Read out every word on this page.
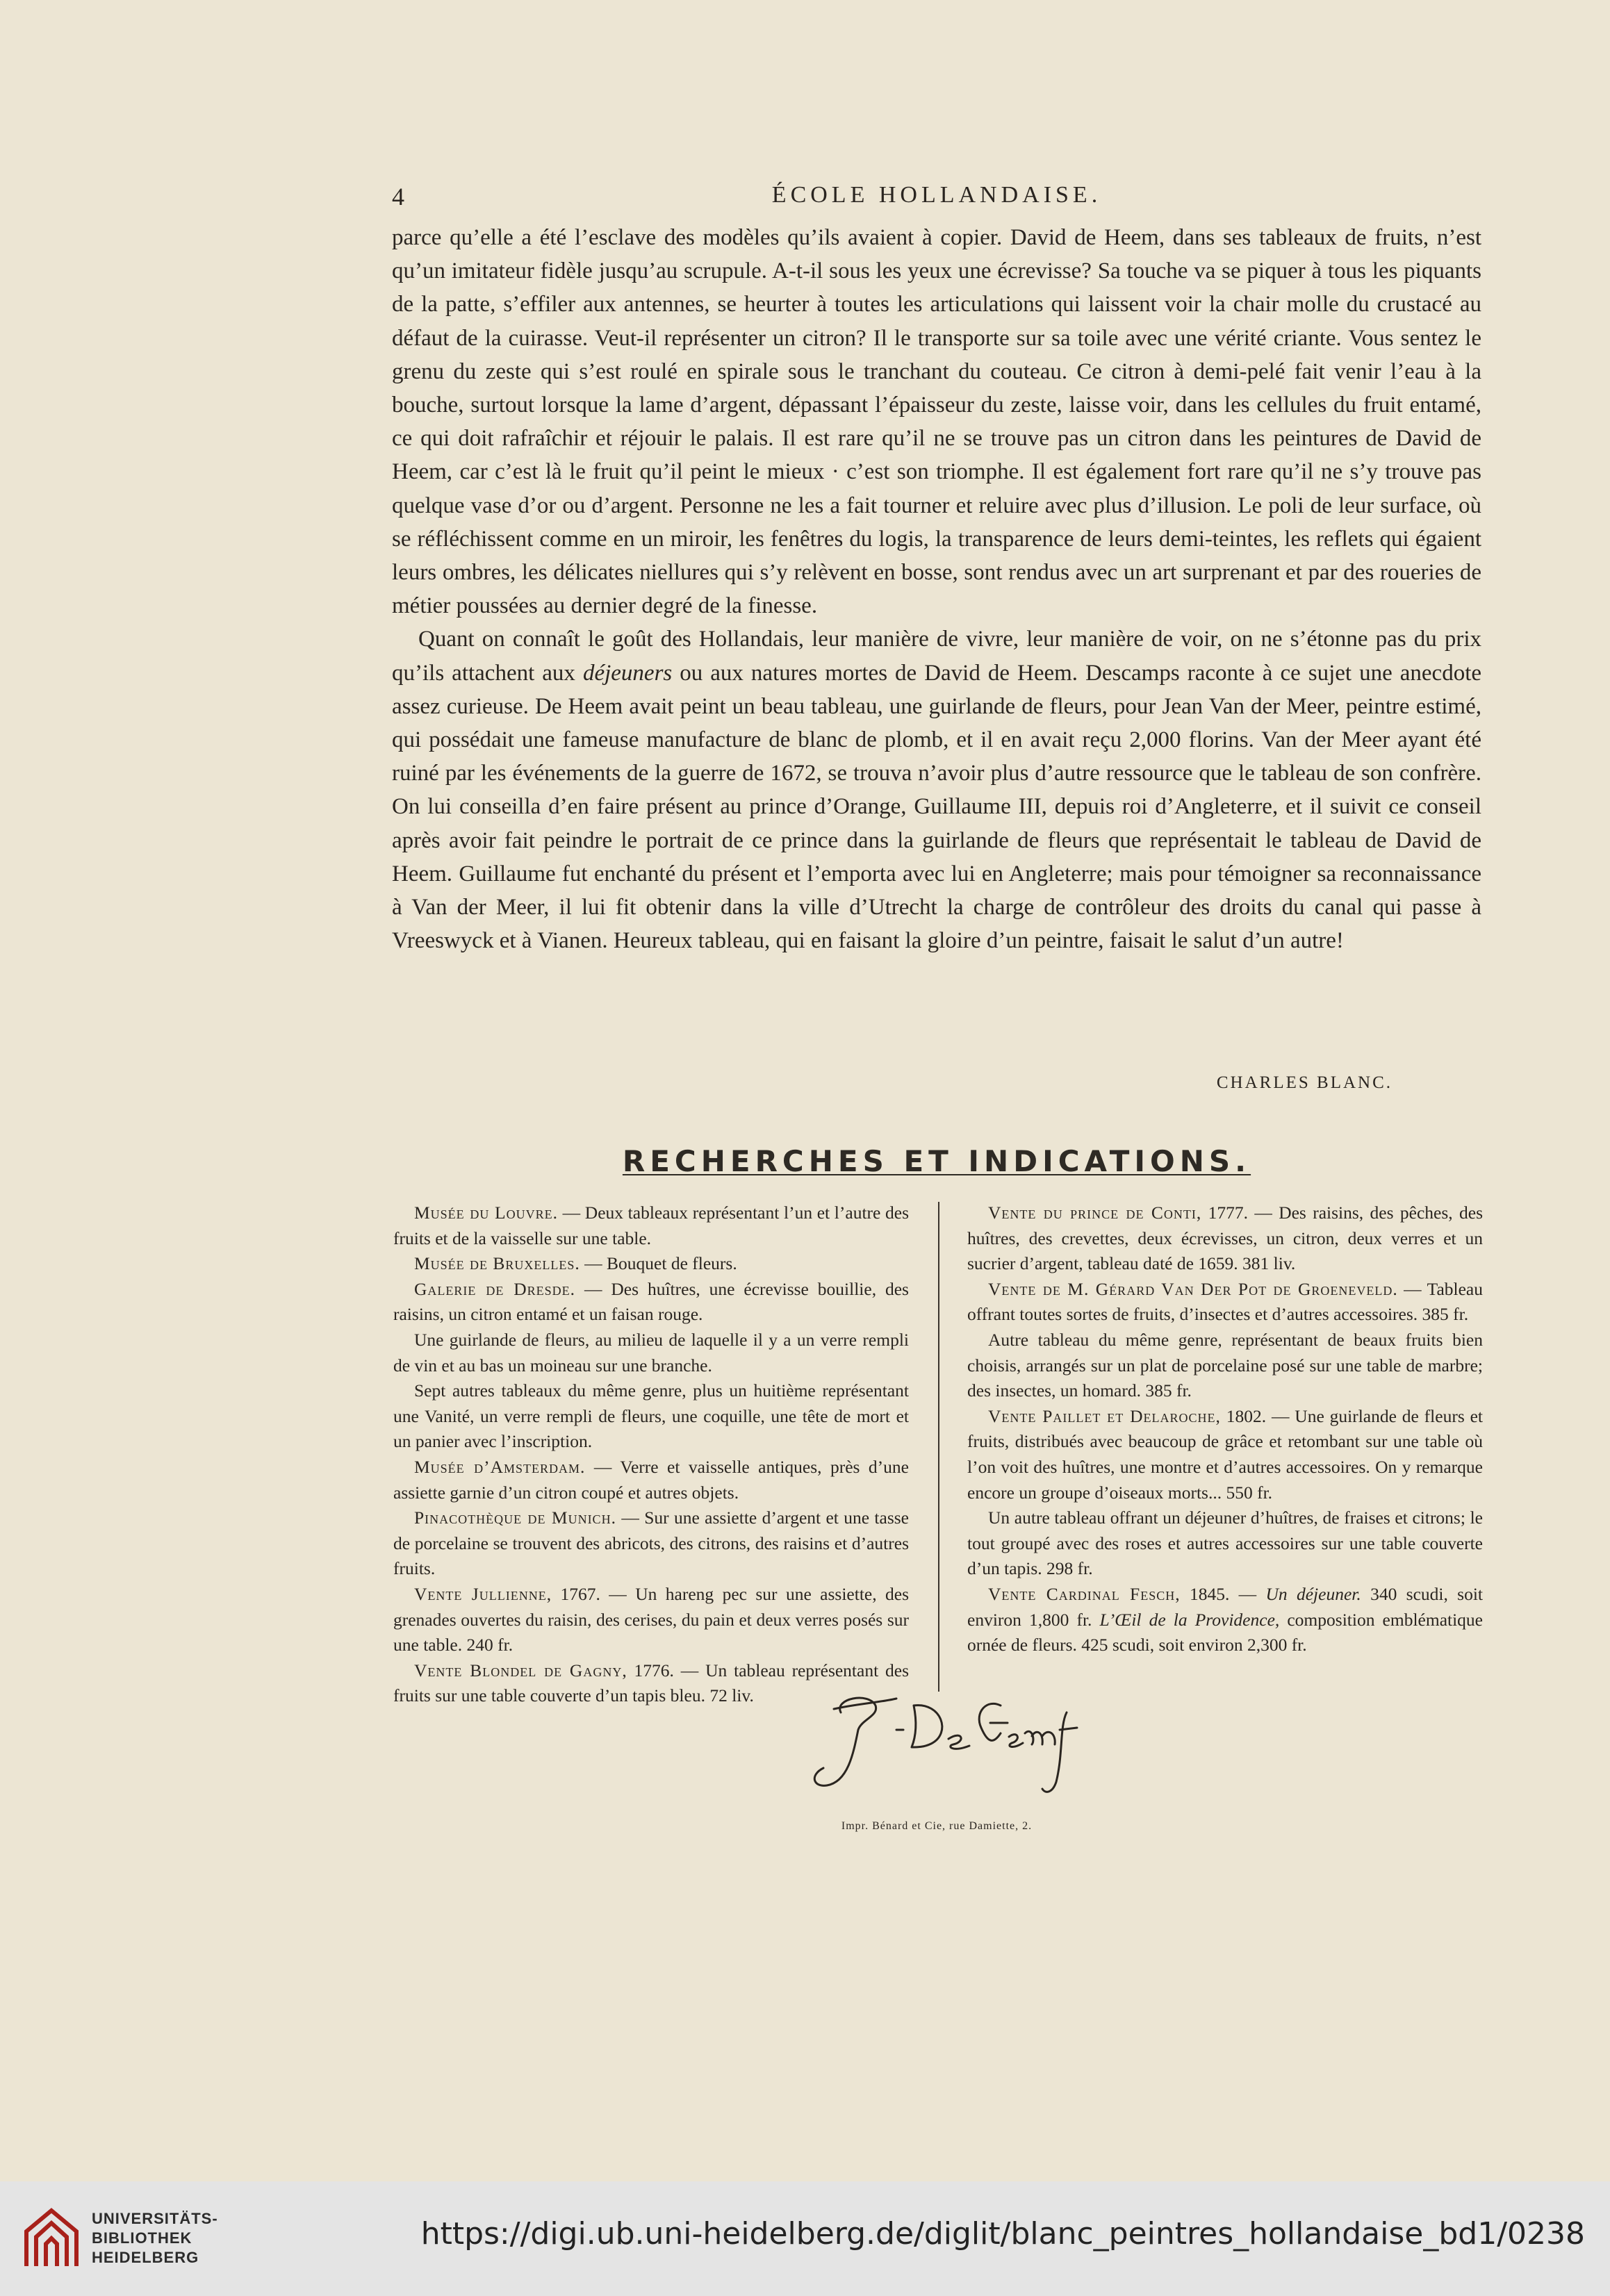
4	ÉCOLE HOLLANDAISE.

parce qu’elle a été l’esclave des modèles qu’ils avaient à copier. David de Heem, dans ses tableaux de fruits, n’est qu’un imitateur fidèle jusqu’au scrupule. A-t-il sous les yeux une écrevisse? Sa touche va se piquer à tous les piquants de la patte, s’effiler aux antennes, se heurter à toutes les articulations qui laissent voir la chair molle du crustacé au défaut de la cuirasse. Veut-il représenter un citron? Il le transporte sur sa toile avec une vérité criante. Vous sentez le grenu du zeste qui s’est roulé en spirale sous le tranchant du couteau. Ce citron à demi-pelé fait venir l’eau à la bouche, surtout lorsque la lame d’argent, dépassant l’épaisseur du zeste, laisse voir, dans les cellules du fruit entamé, ce qui doit rafraîchir et réjouir le palais. Il est rare qu’il ne se trouve pas un citron dans les peintures de David de Heem, car c’est là le fruit qu’il peint le mieux · c’est son triomphe. Il est également fort rare qu’il ne s’y trouve pas quelque vase d’or ou d’argent. Personne ne les a fait tourner et reluire avec plus d’illusion. Le poli de leur surface, où se réfléchissent comme en un miroir, les fenêtres du logis, la transparence de leurs demi-teintes, les reflets qui égaient leurs ombres, les délicates niellures qui s’y relèvent en bosse, sont rendus avec un art surprenant et par des roueries de métier poussées au dernier degré de la finesse.

Quant on connaît le goût des Hollandais, leur manière de vivre, leur manière de voir, on ne s’étonne pas du prix qu’ils attachent aux déjeuners ou aux natures mortes de David de Heem. Descamps raconte à ce sujet une anecdote assez curieuse. De Heem avait peint un beau tableau, une guirlande de fleurs, pour Jean Van der Meer, peintre estimé, qui possédait une fameuse manufacture de blanc de plomb, et il en avait reçu 2,000 florins. Van der Meer ayant été ruiné par les événements de la guerre de 1672, se trouva n’avoir plus d’autre ressource que le tableau de son confrère. On lui conseilla d’en faire présent au prince d’Orange, Guillaume III, depuis roi d’Angleterre, et il suivit ce conseil après avoir fait peindre le portrait de ce prince dans la guirlande de fleurs que représentait le tableau de David de Heem. Guillaume fut enchanté du présent et l’emporta avec lui en Angleterre; mais pour témoigner sa reconnaissance à Van der Meer, il lui fit obtenir dans la ville d’Utrecht la charge de contrôleur des droits du canal qui passe à Vreeswyck et à Vianen. Heureux tableau, qui en faisant la gloire d’un peintre, faisait le salut d’un autre!

CHARLES BLANC.
RECHERCHES ET INDICATIONS.

Musée du Louvre. — Deux tableaux représentant l’un et l’autre des fruits et de la vaisselle sur une table.

Musée de Bruxelles. — Bouquet de fleurs.

Galerie de Dresde. — Des huîtres, une écrevisse bouillie, des raisins, un citron entamé et un faisan rouge.

Une guirlande de fleurs, au milieu de laquelle il y a un verre rempli de vin et au bas un moineau sur une branche.

Sept autres tableaux du même genre, plus un huitième représentant une Vanité, un verre rempli de fleurs, une coquille, une tête de mort et un panier avec l’inscription.

Musée d’Amsterdam. — Verre et vaisselle antiques, près d’une assiette garnie d’un citron coupé et autres objets.

Pinacothèque de Munich. — Sur une assiette d’argent et une tasse de porcelaine se trouvent des abricots, des citrons, des raisins et d’autres fruits.

Vente Jullienne, 1767. — Un hareng pec sur une assiette, des grenades ouvertes du raisin, des cerises, du pain et deux verres posés sur une table. 240 fr.

Vente Blondel de Gagny, 1776. — Un tableau représentant des fruits sur une table couverte d’un tapis bleu. 72 liv.

Vente du prince de Conti, 1777. — Des raisins, des pêches, des huîtres, des crevettes, deux écrevisses, un citron, deux verres et un sucrier d’argent, tableau daté de 1659. 381 liv.

Vente de M. Gérard Van Der Pot de Groeneveld. — Tableau offrant toutes sortes de fruits, d’insectes et d’autres accessoires. 385 fr.

Autre tableau du même genre, représentant de beaux fruits bien choisis, arrangés sur un plat de porcelaine posé sur une table de marbre; des insectes, un homard. 385 fr.

Vente Paillet et Delaroche, 1802. — Une guirlande de fleurs et fruits, distribués avec beaucoup de grâce et retombant sur une table où l’on voit des huîtres, une montre et d’autres accessoires. On y remarque encore un groupe d’oiseaux morts... 550 fr.

Un autre tableau offrant un déjeuner d’huîtres, de fraises et citrons; le tout groupé avec des roses et autres accessoires sur une table couverte d’un tapis. 298 fr.

Vente Cardinal Fesch, 1845. — Un déjeuner. 340 scudi, soit environ 1,800 fr. L’Œil de la Providence, composition emblématique ornée de fleurs. 425 scudi, soit environ 2,300 fr.

Impr. Bénard et Cie, rue Damiette, 2.
UNIVERSITÄTS-
BIBLIOTHEK
HEIDELBERG
https://digi.ub.uni-heidelberg.de/diglit/blanc_peintres_hollandaise_bd1/0238
